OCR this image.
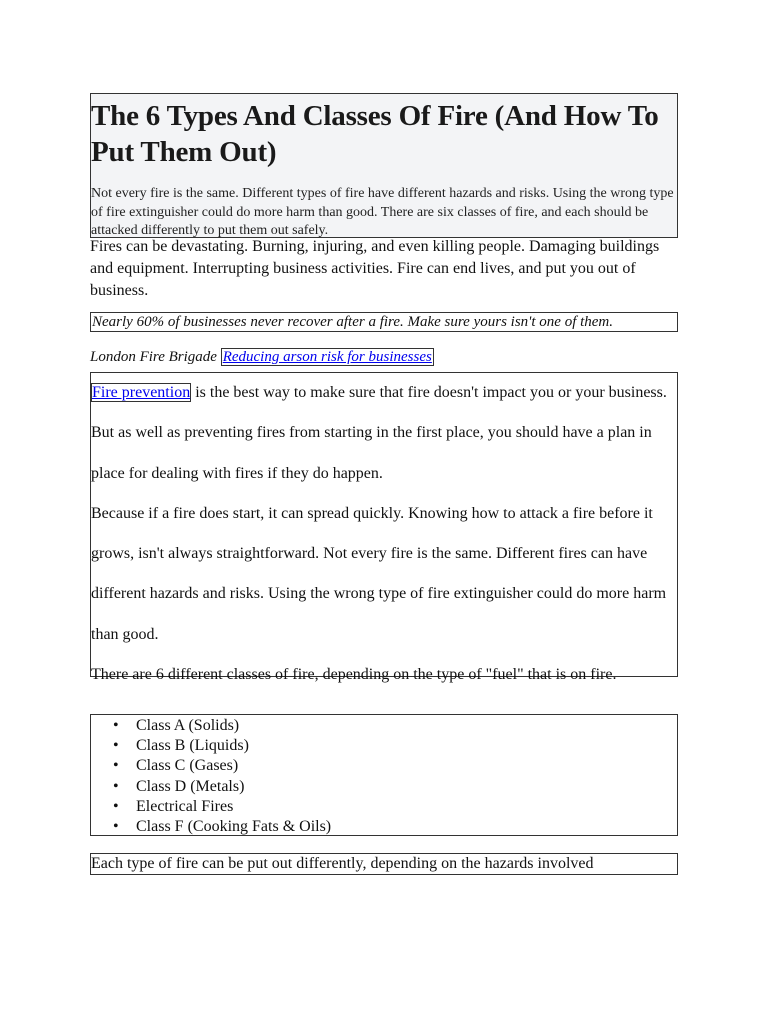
The 6 Types And Classes Of Fire (And How To Put Them Out)

Not every fire is the same. Different types of fire have different hazards and risks. Using the wrong type of fire extinguisher could do more harm than good. There are six classes of fire, and each should be attacked differently to put them out safely.

Fires can be devastating. Burning, injuring, and even killing people. Damaging buildings and equipment. Interrupting business activities. Fire can end lives, and put you out of business.
Nearly 60% of businesses never recover after a fire. Make sure yours isn't one of them.
London Fire Brigade Reducing arson risk for businesses

Fire prevention is the best way to make sure that fire doesn't impact you or your business. But as well as preventing fires from starting in the first place, you should have a plan in place for dealing with fires if they do happen.

Because if a fire does start, it can spread quickly. Knowing how to attack a fire before it grows, isn't always straightforward. Not every fire is the same. Different fires can have different hazards and risks. Using the wrong type of fire extinguisher could do more harm than good.

There are 6 different classes of fire, depending on the type of "fuel" that is on fire.

• Class A (Solids)
• Class B (Liquids)
• Class C (Gases)
• Class D (Metals)
• Electrical Fires
• Class F (Cooking Fats & Oils)
Each type of fire can be put out differently, depending on the hazards involved
